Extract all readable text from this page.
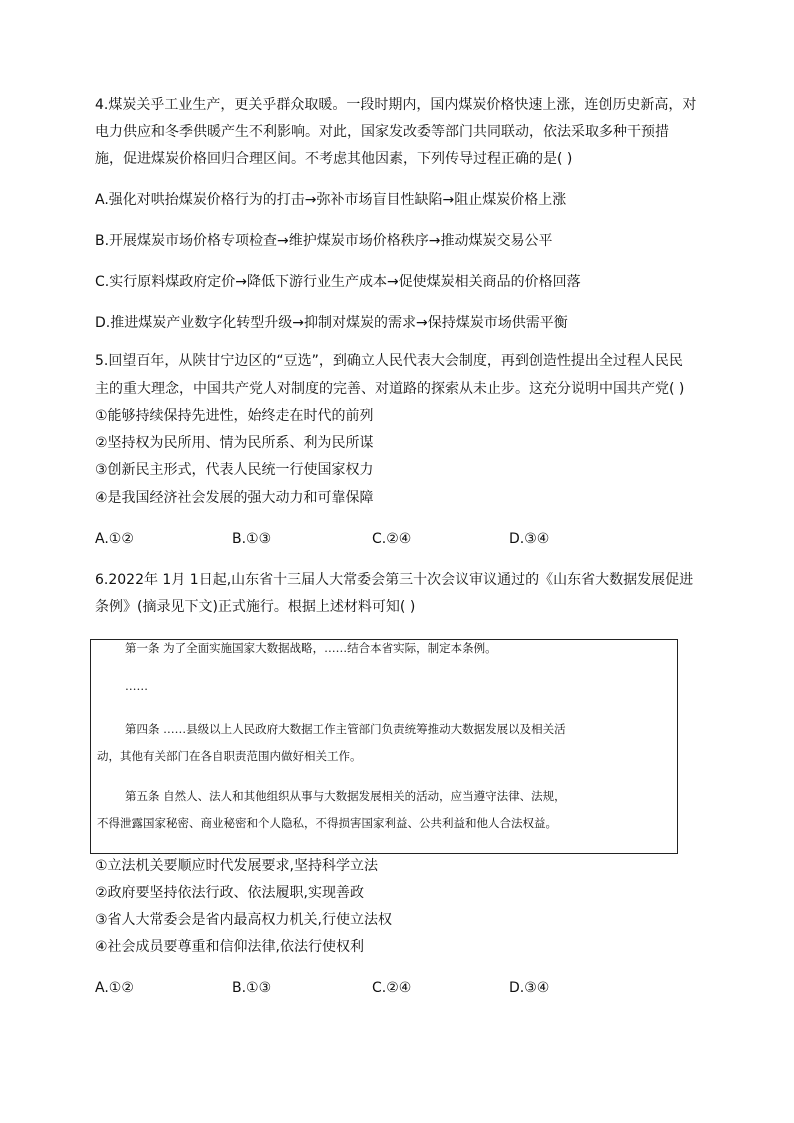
4.煤炭关乎工业生产，更关乎群众取暖。一段时期内，国内煤炭价格快速上涨，连创历史新高，对
电力供应和冬季供暖产生不利影响。对此，国家发改委等部门共同联动，依法采取多种干预措
施，促进煤炭价格回归合理区间。不考虑其他因素，下列传导过程正确的是( )
A.强化对哄抬煤炭价格行为的打击→弥补市场盲目性缺陷→阻止煤炭价格上涨
B.开展煤炭市场价格专项检查→维护煤炭市场价格秩序→推动煤炭交易公平
C.实行原料煤政府定价→降低下游行业生产成本→促使煤炭相关商品的价格回落
D.推进煤炭产业数字化转型升级→抑制对煤炭的需求→保持煤炭市场供需平衡
5.回望百年，从陕甘宁边区的“豆选”，到确立人民代表大会制度，再到创造性提出全过程人民民
主的重大理念，中国共产党人对制度的完善、对道路的探索从未止步。这充分说明中国共产党( )
①能够持续保持先进性，始终走在时代的前列
②坚持权为民所用、情为民所系、利为民所谋
③创新民主形式，代表人民统一行使国家权力
④是我国经济社会发展的强大动力和可靠保障
A.①②	B.①③	C.②④	D.③④
6.2022年 1月 1日起,山东省十三届人大常委会第三十次会议审议通过的《山东省大数据发展促进
条例》(摘录见下文)正式施行。根据上述材料可知( )
第一条 为了全面实施国家大数据战略，……结合本省实际，制定本条例。
……
第四条 ……县级以上人民政府大数据工作主管部门负责统筹推动大数据发展以及相关活
动，其他有关部门在各自职责范围内做好相关工作。
第五条 自然人、法人和其他组织从事与大数据发展相关的活动，应当遵守法律、法规，
不得泄露国家秘密、商业秘密和个人隐私，不得损害国家利益、公共利益和他人合法权益。
①立法机关要顺应时代发展要求,坚持科学立法
②政府要坚持依法行政、依法履职,实现善政
③省人大常委会是省内最高权力机关,行使立法权
④社会成员要尊重和信仰法律,依法行使权利
A.①②	B.①③	C.②④	D.③④
